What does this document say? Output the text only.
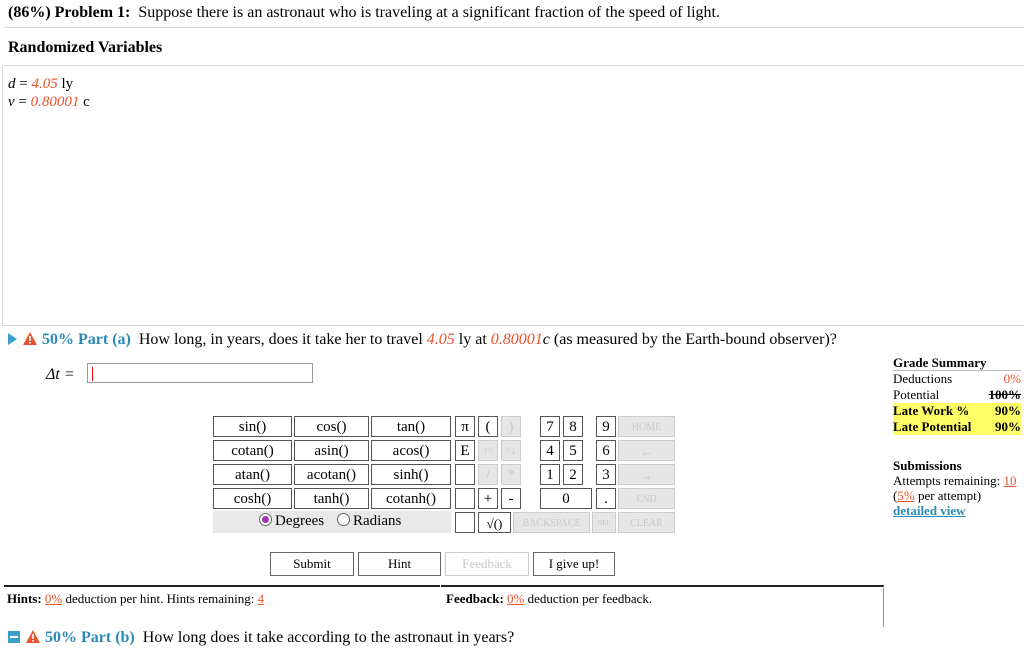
(86%) Problem 1: Suppose there is an astronaut who is traveling at a significant fraction of the speed of light.
Randomized Variables
d = 4.05 ly
v = 0.80001 c
50% Part (a) How long, in years, does it take her to travel 4.05 ly at 0.80001c (as measured by the Earth-bound observer)?
Δt =
sin()	cos()	tan()
cotan()	asin()	acos()
atan()	acotan()	sinh()
cosh()	tanh()	cotanh()
Degrees	Radians
π	(	)
E	↑^	^↓
/	*
+	-
√()
7	8	9
4	5	6
1	2	3
0	.
HOME
←
→
END
BACKSPACE	DEL	CLEAR
Submit	Hint	Feedback	I give up!
Hints: 0% deduction per hint. Hints remaining: 4	Feedback: 0% deduction per feedback.
Grade Summary
Deductions	0%
Potential	100%
Late Work % 90%
Late Potential 90%
Submissions
Attempts remaining: 10
(5% per attempt)
detailed view
50% Part (b) How long does it take according to the astronaut in years?
